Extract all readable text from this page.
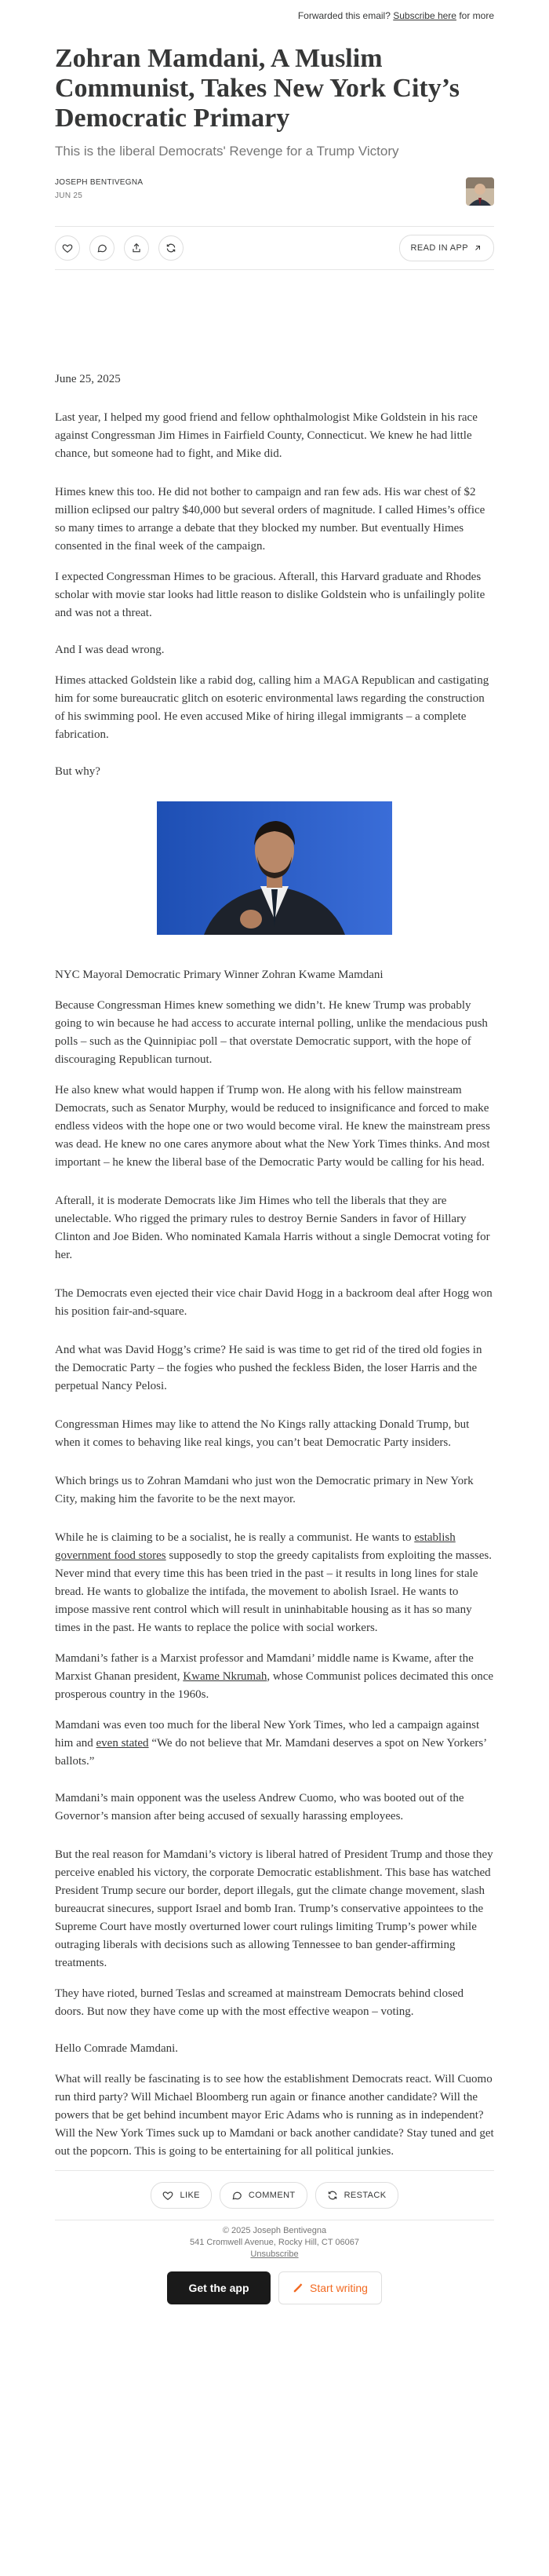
Forwarded this email? Subscribe here for more
Zohran Mamdani, A Muslim Communist, Takes New York City’s Democratic Primary
This is the liberal Democrats' Revenge for a Trump Victory
JOSEPH BENTIVEGNA
JUN 25
READ IN APP

June 25, 2025

Last year, I helped my good friend and fellow ophthalmologist Mike Goldstein in his race against Congressman Jim Himes in Fairfield County, Connecticut. We knew he had little chance, but someone had to fight, and Mike did.

Himes knew this too. He did not bother to campaign and ran few ads. His war chest of $2 million eclipsed our paltry $40,000 but several orders of magnitude. I called Himes’s office so many times to arrange a debate that they blocked my number. But eventually Himes consented in the final week of the campaign.

I expected Congressman Himes to be gracious. Afterall, this Harvard graduate and Rhodes scholar with movie star looks had little reason to dislike Goldstein who is unfailingly polite and was not a threat.

And I was dead wrong.

Himes attacked Goldstein like a rabid dog, calling him a MAGA Republican and castigating him for some bureaucratic glitch on esoteric environmental laws regarding the construction of his swimming pool. He even accused Mike of hiring illegal immigrants – a complete fabrication.

But why?

NYC Mayoral Democratic Primary Winner Zohran Kwame Mamdani

Because Congressman Himes knew something we didn’t. He knew Trump was probably going to win because he had access to accurate internal polling, unlike the mendacious push polls – such as the Quinnipiac poll – that overstate Democratic support, with the hope of discouraging Republican turnout.

He also knew what would happen if Trump won. He along with his fellow mainstream Democrats, such as Senator Murphy, would be reduced to insignificance and forced to make endless videos with the hope one or two would become viral. He knew the mainstream press was dead. He knew no one cares anymore about what the New York Times thinks. And most important – he knew the liberal base of the Democratic Party would be calling for his head.

Afterall, it is moderate Democrats like Jim Himes who tell the liberals that they are unelectable. Who rigged the primary rules to destroy Bernie Sanders in favor of Hillary Clinton and Joe Biden. Who nominated Kamala Harris without a single Democrat voting for her.

The Democrats even ejected their vice chair David Hogg in a backroom deal after Hogg won his position fair-and-square.

And what was David Hogg’s crime? He said is was time to get rid of the tired old fogies in the Democratic Party – the fogies who pushed the feckless Biden, the loser Harris and the perpetual Nancy Pelosi.

Congressman Himes may like to attend the No Kings rally attacking Donald Trump, but when it comes to behaving like real kings, you can’t beat Democratic Party insiders.

Which brings us to Zohran Mamdani who just won the Democratic primary in New York City, making him the favorite to be the next mayor.

While he is claiming to be a socialist, he is really a communist. He wants to establish government food stores supposedly to stop the greedy capitalists from exploiting the masses. Never mind that every time this has been tried in the past – it results in long lines for stale bread. He wants to globalize the intifada, the movement to abolish Israel. He wants to impose massive rent control which will result in uninhabitable housing as it has so many times in the past. He wants to replace the police with social workers.

Mamdani’s father is a Marxist professor and Mamdani’ middle name is Kwame, after the Marxist Ghanan president, Kwame Nkrumah, whose Communist polices decimated this once prosperous country in the 1960s.

Mamdani was even too much for the liberal New York Times, who led a campaign against him and even stated “We do not believe that Mr. Mamdani deserves a spot on New Yorkers’ ballots.”

Mamdani’s main opponent was the useless Andrew Cuomo, who was booted out of the Governor’s mansion after being accused of sexually harassing employees.

But the real reason for Mamdani’s victory is liberal hatred of President Trump and those they perceive enabled his victory, the corporate Democratic establishment. This base has watched President Trump secure our border, deport illegals, gut the climate change movement, slash bureaucrat sinecures, support Israel and bomb Iran. Trump’s conservative appointees to the Supreme Court have mostly overturned lower court rulings limiting Trump’s power while outraging liberals with decisions such as allowing Tennessee to ban gender-affirming treatments.

They have rioted, burned Teslas and screamed at mainstream Democrats behind closed doors. But now they have come up with the most effective weapon – voting.

Hello Comrade Mamdani.

What will really be fascinating is to see how the establishment Democrats react. Will Cuomo run third party? Will Michael Bloomberg run again or finance another candidate? Will the powers that be get behind incumbent mayor Eric Adams who is running as in independent? Will the New York Times suck up to Mamdani or back another candidate? Stay tuned and get out the popcorn. This is going to be entertaining for all political junkies.

LIKE	COMMENT	RESTACK
© 2025 Joseph Bentivegna
541 Cromwell Avenue, Rocky Hill, CT 06067
Unsubscribe
Get the app	Start writing
